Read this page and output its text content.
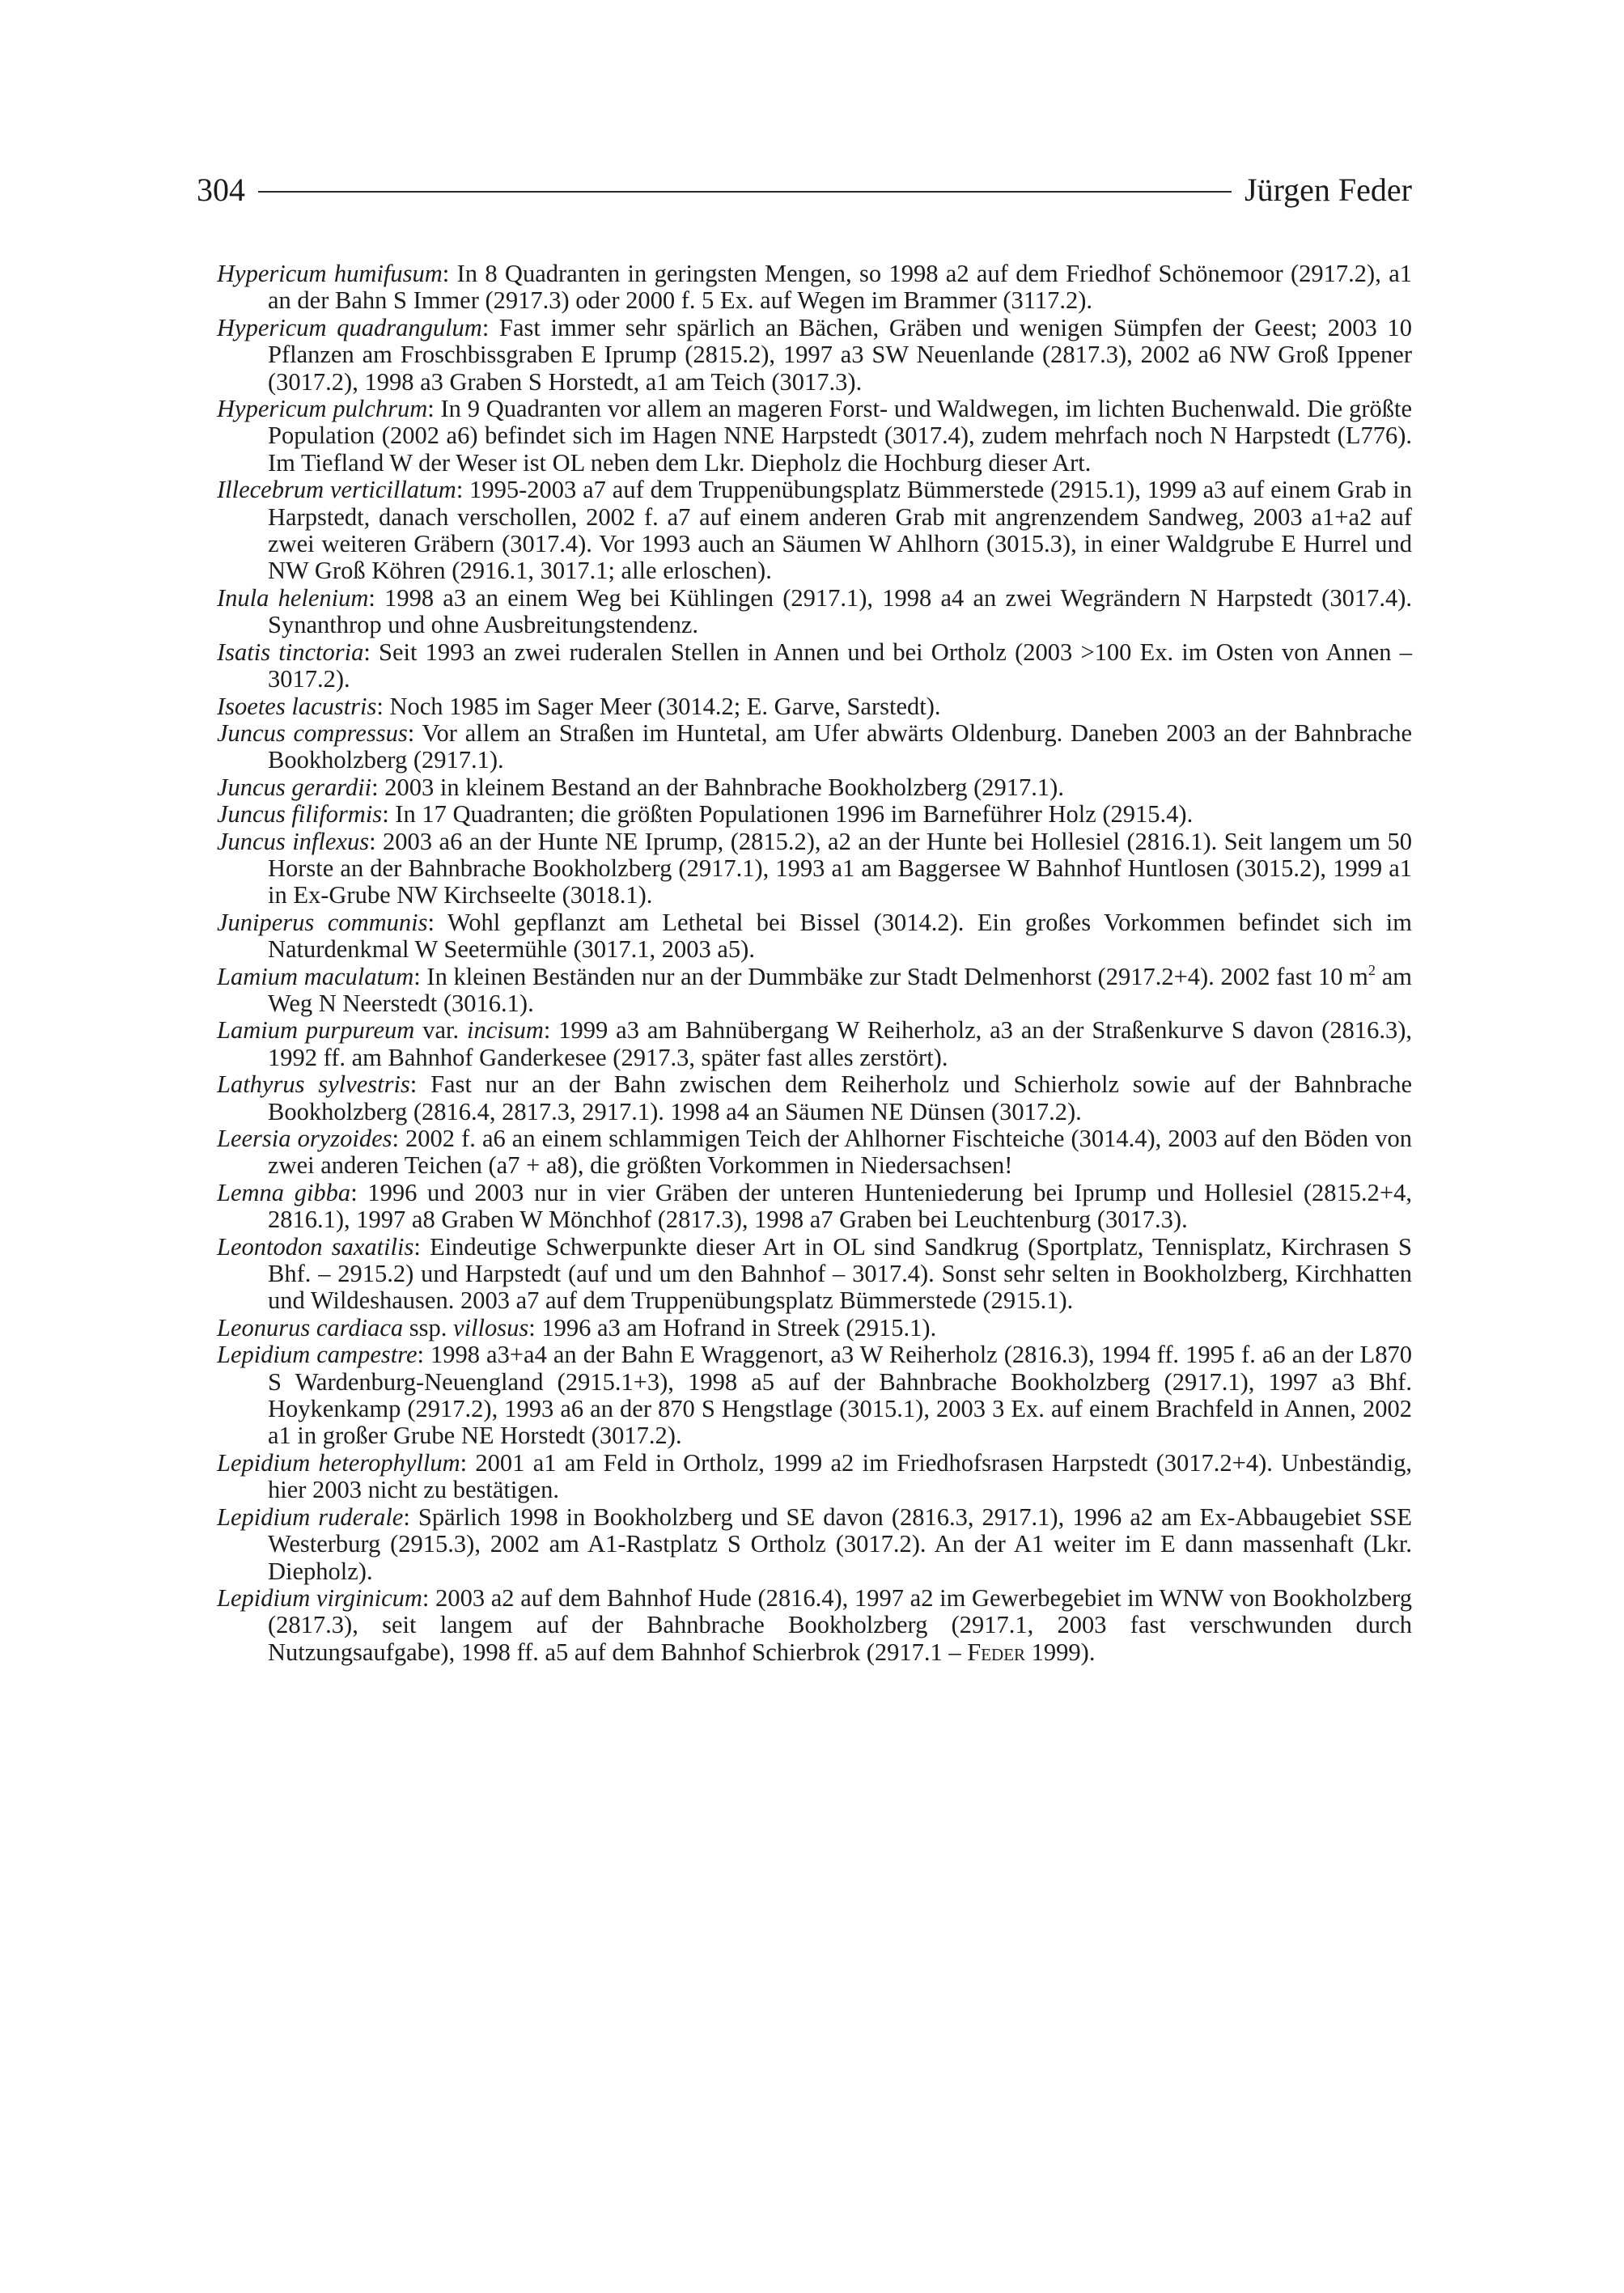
304	Jürgen Feder

Hypericum humifusum: In 8 Quadranten in geringsten Mengen, so 1998 a2 auf dem Friedhof Schönemoor (2917.2), a1 an der Bahn S Immer (2917.3) oder 2000 f. 5 Ex. auf Wegen im Brammer (3117.2).

Hypericum quadrangulum: Fast immer sehr spärlich an Bächen, Gräben und wenigen Sümpfen der Geest; 2003 10 Pflanzen am Froschbissgraben E Iprump (2815.2), 1997 a3 SW Neuenlande (2817.3), 2002 a6 NW Groß Ippener (3017.2), 1998 a3 Graben S Horstedt, a1 am Teich (3017.3).

Hypericum pulchrum: In 9 Quadranten vor allem an mageren Forst- und Waldwegen, im lichten Buchenwald. Die größte Population (2002 a6) befindet sich im Hagen NNE Harpstedt (3017.4), zudem mehrfach noch N Harpstedt (L776). Im Tiefland W der Weser ist OL neben dem Lkr. Diepholz die Hochburg dieser Art.

Illecebrum verticillatum: 1995-2003 a7 auf dem Truppenübungsplatz Bümmerstede (2915.1), 1999 a3 auf einem Grab in Harpstedt, danach verschollen, 2002 f. a7 auf einem anderen Grab mit angrenzendem Sandweg, 2003 a1+a2 auf zwei weiteren Gräbern (3017.4). Vor 1993 auch an Säumen W Ahlhorn (3015.3), in einer Waldgrube E Hurrel und NW Groß Köhren (2916.1, 3017.1; alle erloschen).

Inula helenium: 1998 a3 an einem Weg bei Kühlingen (2917.1), 1998 a4 an zwei Wegrändern N Harpstedt (3017.4). Synanthrop und ohne Ausbreitungstendenz.

Isatis tinctoria: Seit 1993 an zwei ruderalen Stellen in Annen und bei Ortholz (2003 >100 Ex. im Osten von Annen – 3017.2).

Isoetes lacustris: Noch 1985 im Sager Meer (3014.2; E. Garve, Sarstedt).

Juncus compressus: Vor allem an Straßen im Huntetal, am Ufer abwärts Oldenburg. Daneben 2003 an der Bahnbrache Bookholzberg (2917.1).

Juncus gerardii: 2003 in kleinem Bestand an der Bahnbrache Bookholzberg (2917.1).

Juncus filiformis: In 17 Quadranten; die größten Populationen 1996 im Barneführer Holz (2915.4).

Juncus inflexus: 2003 a6 an der Hunte NE Iprump, (2815.2), a2 an der Hunte bei Hollesiel (2816.1). Seit langem um 50 Horste an der Bahnbrache Bookholzberg (2917.1), 1993 a1 am Baggersee W Bahnhof Huntlosen (3015.2), 1999 a1 in Ex-Grube NW Kirchseelte (3018.1).

Juniperus communis: Wohl gepflanzt am Lethetal bei Bissel (3014.2). Ein großes Vorkommen befindet sich im Naturdenkmal W Seetermühle (3017.1, 2003 a5).

Lamium maculatum: In kleinen Beständen nur an der Dummbäke zur Stadt Delmenhorst (2917.2+4). 2002 fast 10 $m^2$ am Weg N Neerstedt (3016.1).

Lamium purpureum var. incisum: 1999 a3 am Bahnübergang W Reiherholz, a3 an der Straßenkurve S davon (2816.3), 1992 ff. am Bahnhof Ganderkesee (2917.3, später fast alles zerstört).

Lathyrus sylvestris: Fast nur an der Bahn zwischen dem Reiherholz und Schierholz sowie auf der Bahnbrache Bookholzberg (2816.4, 2817.3, 2917.1). 1998 a4 an Säumen NE Dünsen (3017.2).

Leersia oryzoides: 2002 f. a6 an einem schlammigen Teich der Ahlhorner Fischteiche (3014.4), 2003 auf den Böden von zwei anderen Teichen (a7 + a8), die größten Vorkommen in Niedersachsen!

Lemna gibba: 1996 und 2003 nur in vier Gräben der unteren Hunteniederung bei Iprump und Hollesiel (2815.2+4, 2816.1), 1997 a8 Graben W Mönchhof (2817.3), 1998 a7 Graben bei Leuchtenburg (3017.3).

Leontodon saxatilis: Eindeutige Schwerpunkte dieser Art in OL sind Sandkrug (Sportplatz, Tennisplatz, Kirchrasen S Bhf. – 2915.2) und Harpstedt (auf und um den Bahnhof – 3017.4). Sonst sehr selten in Bookholzberg, Kirchhatten und Wildeshausen. 2003 a7 auf dem Truppenübungsplatz Bümmerstede (2915.1).

Leonurus cardiaca ssp. villosus: 1996 a3 am Hofrand in Streek (2915.1).

Lepidium campestre: 1998 a3+a4 an der Bahn E Wraggenort, a3 W Reiherholz (2816.3), 1994 ff. 1995 f. a6 an der L870 S Wardenburg-Neuengland (2915.1+3), 1998 a5 auf der Bahnbrache Bookholzberg (2917.1), 1997 a3 Bhf. Hoykenkamp (2917.2), 1993 a6 an der 870 S Hengstlage (3015.1), 2003 3 Ex. auf einem Brachfeld in Annen, 2002 a1 in großer Grube NE Horstedt (3017.2).

Lepidium heterophyllum: 2001 a1 am Feld in Ortholz, 1999 a2 im Friedhofsrasen Harpstedt (3017.2+4). Unbeständig, hier 2003 nicht zu bestätigen.

Lepidium ruderale: Spärlich 1998 in Bookholzberg und SE davon (2816.3, 2917.1), 1996 a2 am Ex-Abbaugebiet SSE Westerburg (2915.3), 2002 am A1-Rastplatz S Ortholz (3017.2). An der A1 weiter im E dann massenhaft (Lkr. Diepholz).

Lepidium virginicum: 2003 a2 auf dem Bahnhof Hude (2816.4), 1997 a2 im Gewerbegebiet im WNW von Bookholzberg (2817.3), seit langem auf der Bahnbrache Bookholzberg (2917.1, 2003 fast verschwunden durch Nutzungsaufgabe), 1998 ff. a5 auf dem Bahnhof Schierbrok (2917.1 – Feder 1999).
